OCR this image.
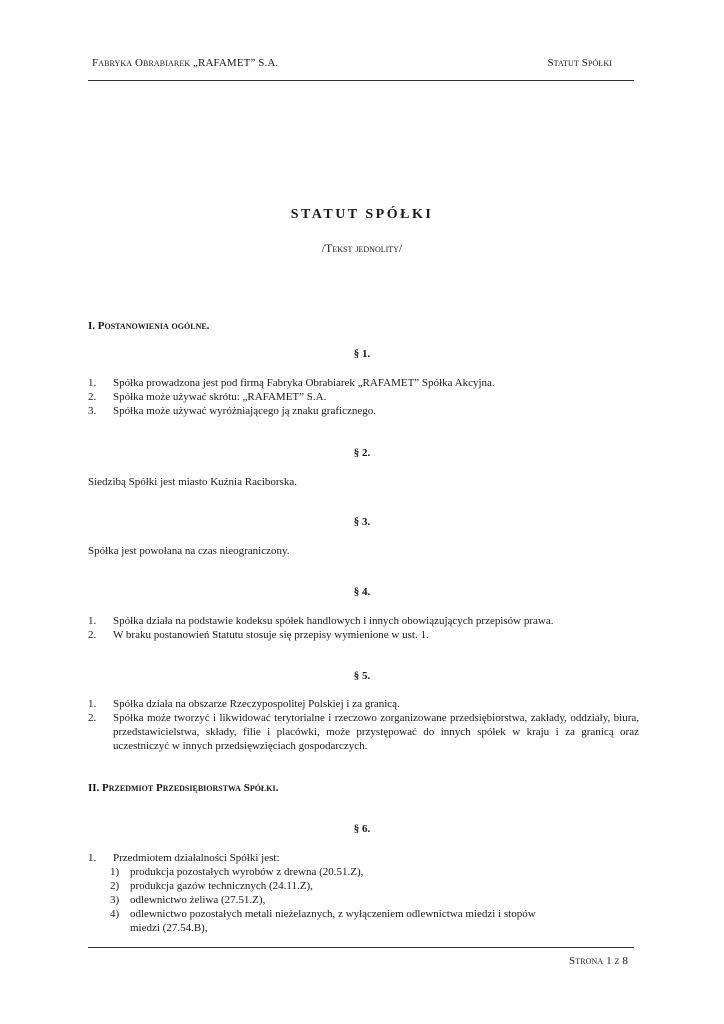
Fabryka Obrabiarek „RAFAMET” S.A.	Statut Spółki
STATUT SPÓŁKI
/Tekst jednolity/
I. Postanowienia ogólne.
§ 1.
1. Spółka prowadzona jest pod firmą Fabryka Obrabiarek „RAFAMET” Spółka Akcyjna.
2. Spółka może używać skrótu: „RAFAMET” S.A.
3. Spółka może używać wyróżniającego ją znaku graficznego.
§ 2.
Siedzibą Spółki jest miasto Kuźnia Raciborska.
§ 3.
Spółka jest powołana na czas nieograniczony.
§ 4.
1. Spółka działa na podstawie kodeksu spółek handlowych i innych obowiązujących przepisów prawa.
2. W braku postanowień Statutu stosuje się przepisy wymienione w ust. 1.
§ 5.
1. Spółka działa na obszarze Rzeczypospolitej Polskiej i za granicą.
2. Spółka może tworzyć i likwidować terytorialne i rzeczowo zorganizowane przedsiębiorstwa, zakłady, oddziały, biura, przedstawicielstwa, składy, filie i placówki, może przystępować do innych spółek w kraju i za granicą oraz uczestniczyć w innych przedsięwzięciach gospodarczych.
II. Przedmiot Przedsiębiorstwa Spółki.
§ 6.
1. Przedmiotem działalności Spółki jest:
1) produkcja pozostałych wyrobów z drewna (20.51.Z),
2) produkcja gazów technicznych (24.11.Z),
3) odlewnictwo żeliwa (27.51.Z),
4) odlewnictwo pozostałych metali nieżelaznych, z wyłączeniem odlewnictwa miedzi i stopów miedzi (27.54.B),
Strona 1 z 8
